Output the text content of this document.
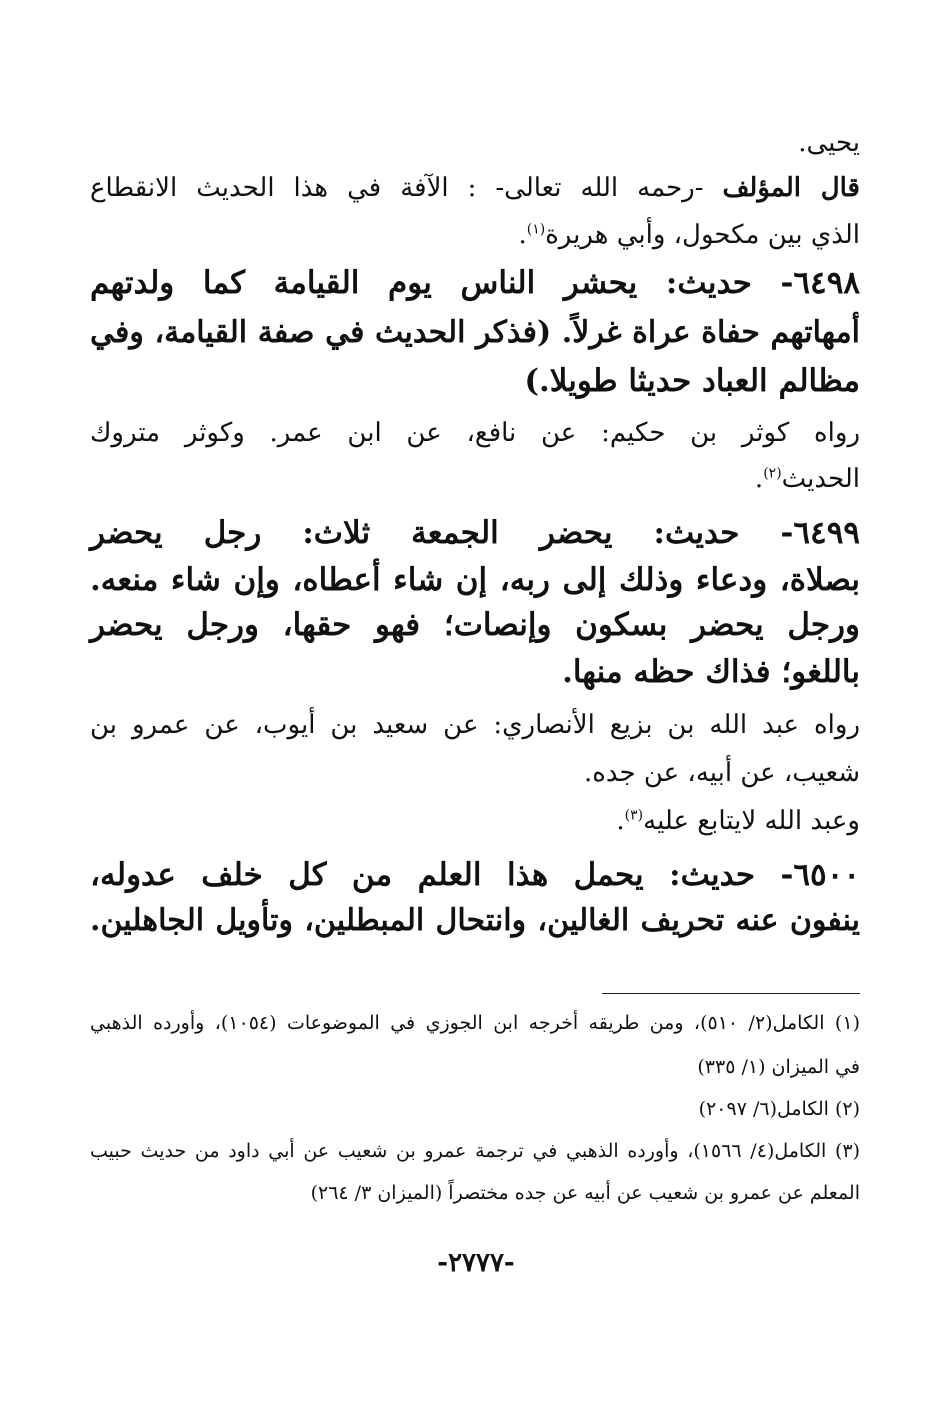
يحيى.
قال المؤلف -رحمه الله تعالى- : الآفة في هذا الحديث الانقطاع
الذي بين مكحول، وأبي هريرة$^{(١)}$.
٦٤٩٨- حديث: يحشر الناس يوم القيامة كما ولدتهم
أمهاتهم حفاة عراة غرلاً. (فذكر الحديث في صفة القيامة، وفي
مظالم العباد حديثا طويلا.)
رواه كوثر بن حكيم: عن نافع، عن ابن عمر. وكوثر متروك
الحديث$^{(٢)}$.
٦٤٩٩- حديث: يحضر الجمعة ثلاث: رجل يحضر
بصلاة، ودعاء وذلك إلى ربه، إن شاء أعطاه، وإن شاء منعه.
ورجل يحضر بسكون وإنصات؛ فهو حقها، ورجل يحضر
باللغو؛ فذاك حظه منها.
رواه عبد الله بن بزيع الأنصاري: عن سعيد بن أيوب، عن عمرو بن
شعيب، عن أبيه، عن جده.
وعبد الله لايتابع عليه$^{(٣)}$.
٦٥٠٠- حديث: يحمل هذا العلم من كل خلف عدوله،
ينفون عنه تحريف الغالين، وانتحال المبطلين، وتأويل الجاهلين.
(١) الكامل(٢/ ٥١٠)، ومن طريقه أخرجه ابن الجوزي في الموضوعات (١٠٥٤)، وأورده الذهبي
في الميزان (١/ ٣٣٥)
(٢) الكامل(٦/ ٢٠٩٧)
(٣) الكامل(٤/ ١٥٦٦)، وأورده الذهبي في ترجمة عمرو بن شعيب عن أبي داود من حديث حبيب
المعلم عن عمرو بن شعيب عن أبيه عن جده مختصراً (الميزان ٣/ ٢٦٤)
-٢٧٧٧-
